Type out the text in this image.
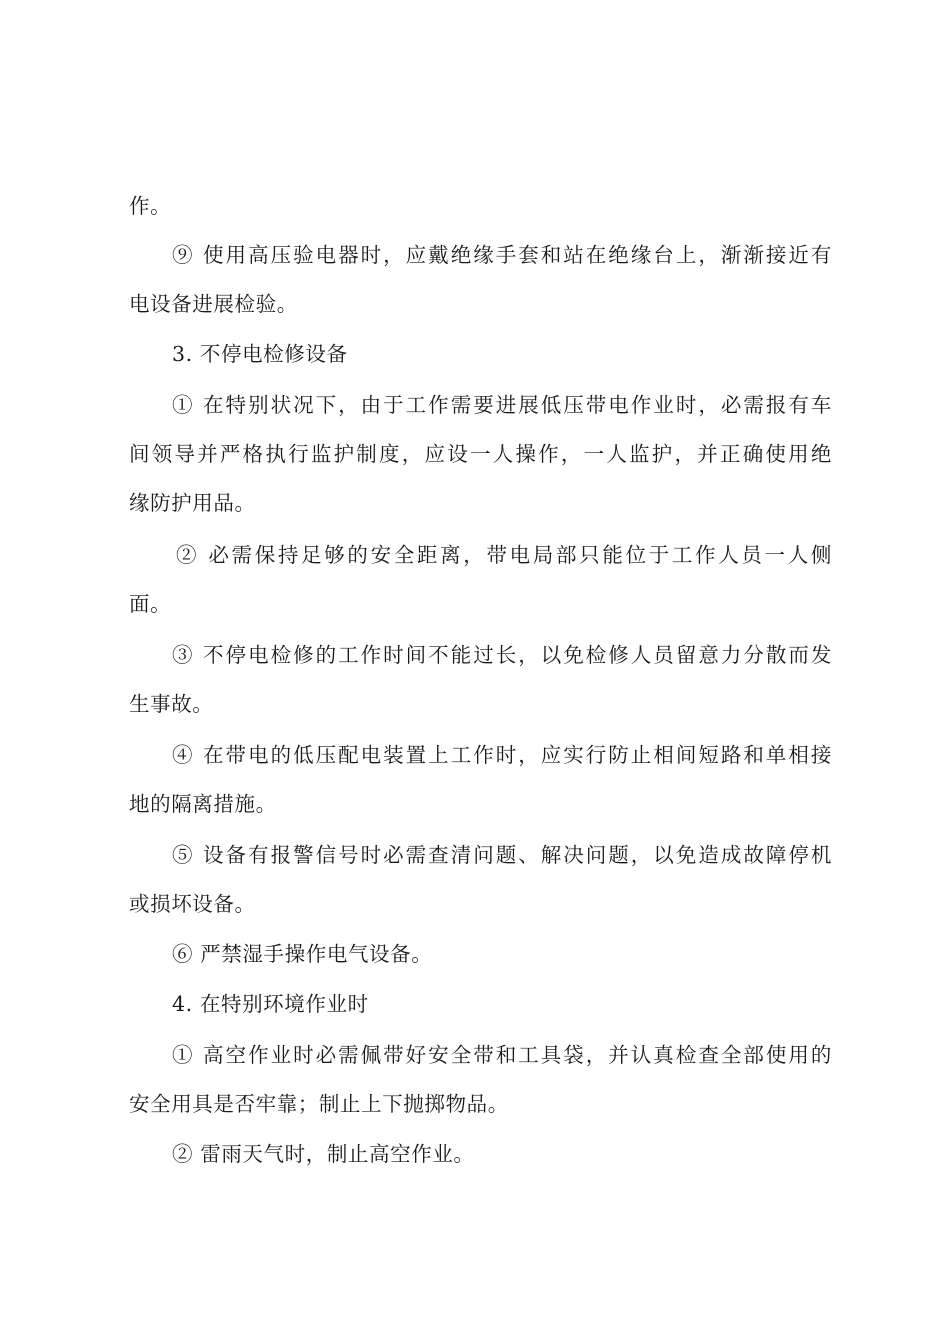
作。
⑨ 使用高压验电器时，应戴绝缘手套和站在绝缘台上，渐渐接近有
电设备进展检验。
3. 不停电检修设备
① 在特别状况下，由于工作需要进展低压带电作业时，必需报有车
间领导并严格执行监护制度，应设一人操作，一人监护，并正确使用绝
缘防护用品。
② 必需保持足够的安全距离，带电局部只能位于工作人员一人侧
面。
③ 不停电检修的工作时间不能过长，以免检修人员留意力分散而发
生事故。
④ 在带电的低压配电装置上工作时，应实行防止相间短路和单相接
地的隔离措施。
⑤ 设备有报警信号时必需查清问题、解决问题，以免造成故障停机
或损坏设备。
⑥ 严禁湿手操作电气设备。
4. 在特别环境作业时
① 高空作业时必需佩带好安全带和工具袋，并认真检查全部使用的
安全用具是否牢靠；制止上下抛掷物品。
② 雷雨天气时，制止高空作业。
